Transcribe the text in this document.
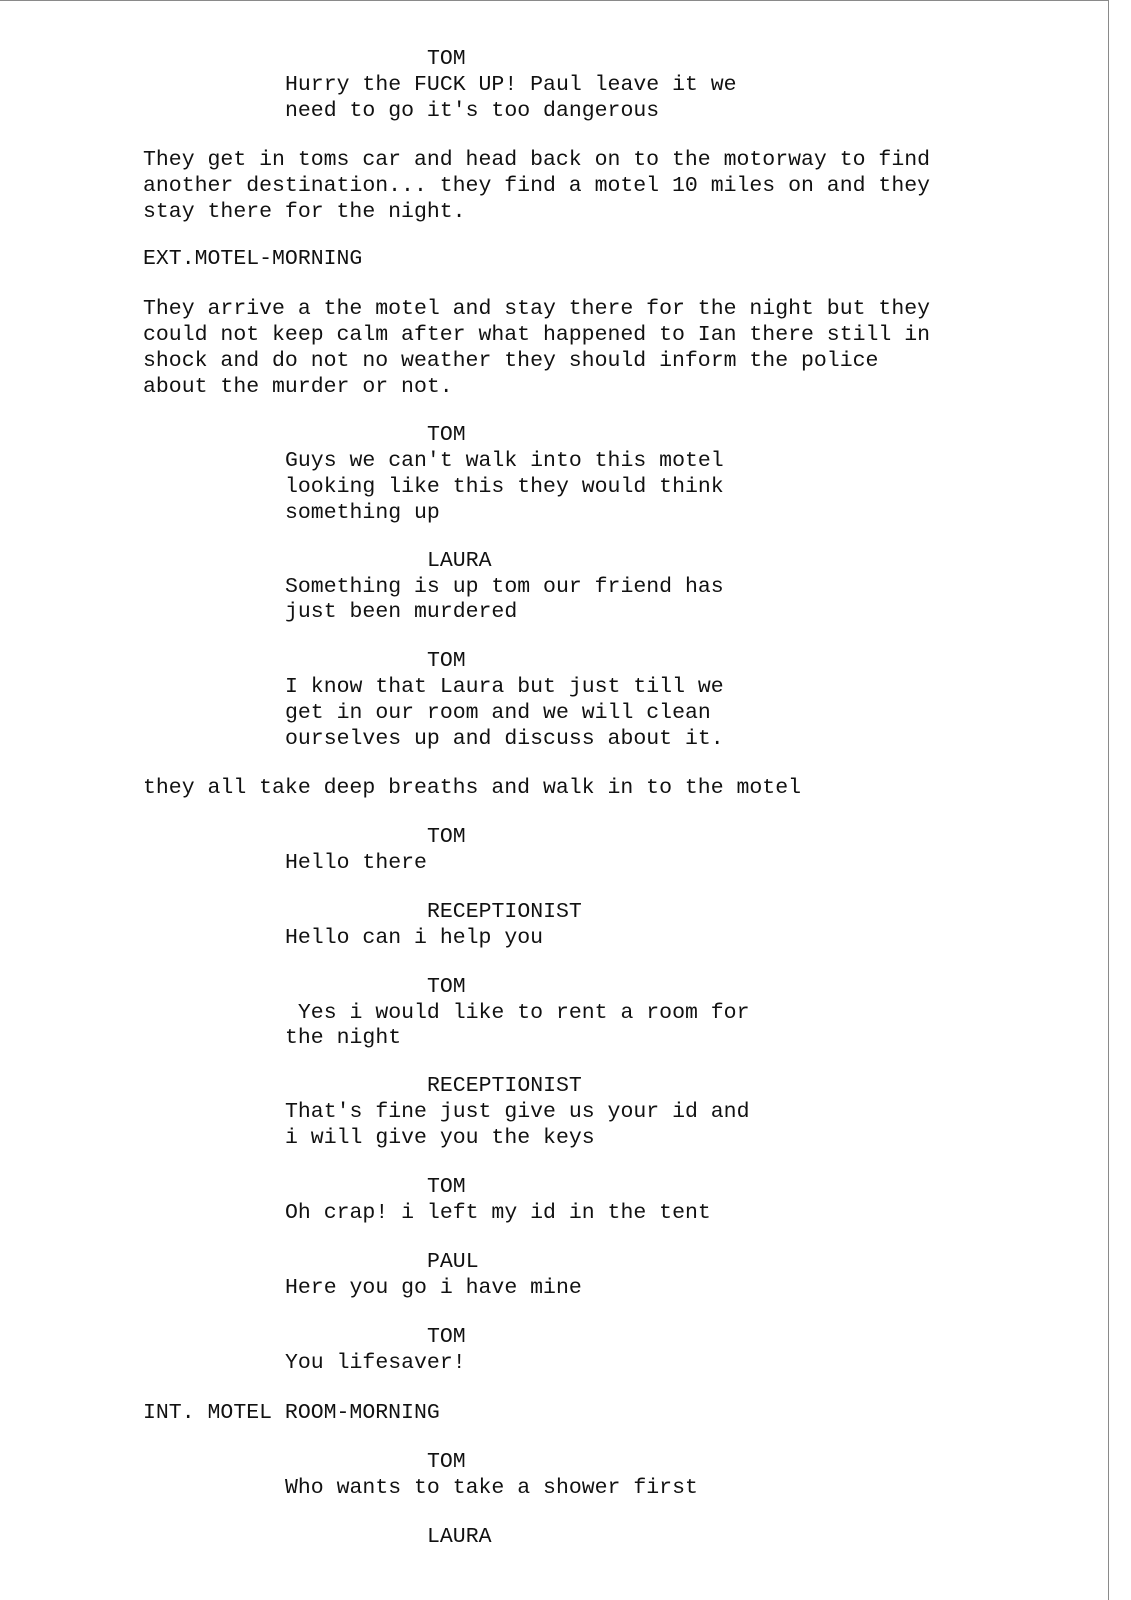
TOM
Hurry the FUCK UP! Paul leave it we
need to go it's too dangerous
They get in toms car and head back on to the motorway to find
another destination... they find a motel 10 miles on and they
stay there for the night.
EXT.MOTEL-MORNING
They arrive a the motel and stay there for the night but they
could not keep calm after what happened to Ian there still in
shock and do not no weather they should inform the police
about the murder or not.
TOM
Guys we can't walk into this motel
looking like this they would think
something up
LAURA
Something is up tom our friend has
just been murdered
TOM
I know that Laura but just till we
get in our room and we will clean
ourselves up and discuss about it.
they all take deep breaths and walk in to the motel
TOM
Hello there
RECEPTIONIST
Hello can i help you
TOM
Yes i would like to rent a room for
the night
RECEPTIONIST
That's fine just give us your id and
i will give you the keys
TOM
Oh crap! i left my id in the tent
PAUL
Here you go i have mine
TOM
You lifesaver!
INT. MOTEL ROOM-MORNING
TOM
Who wants to take a shower first
LAURA
